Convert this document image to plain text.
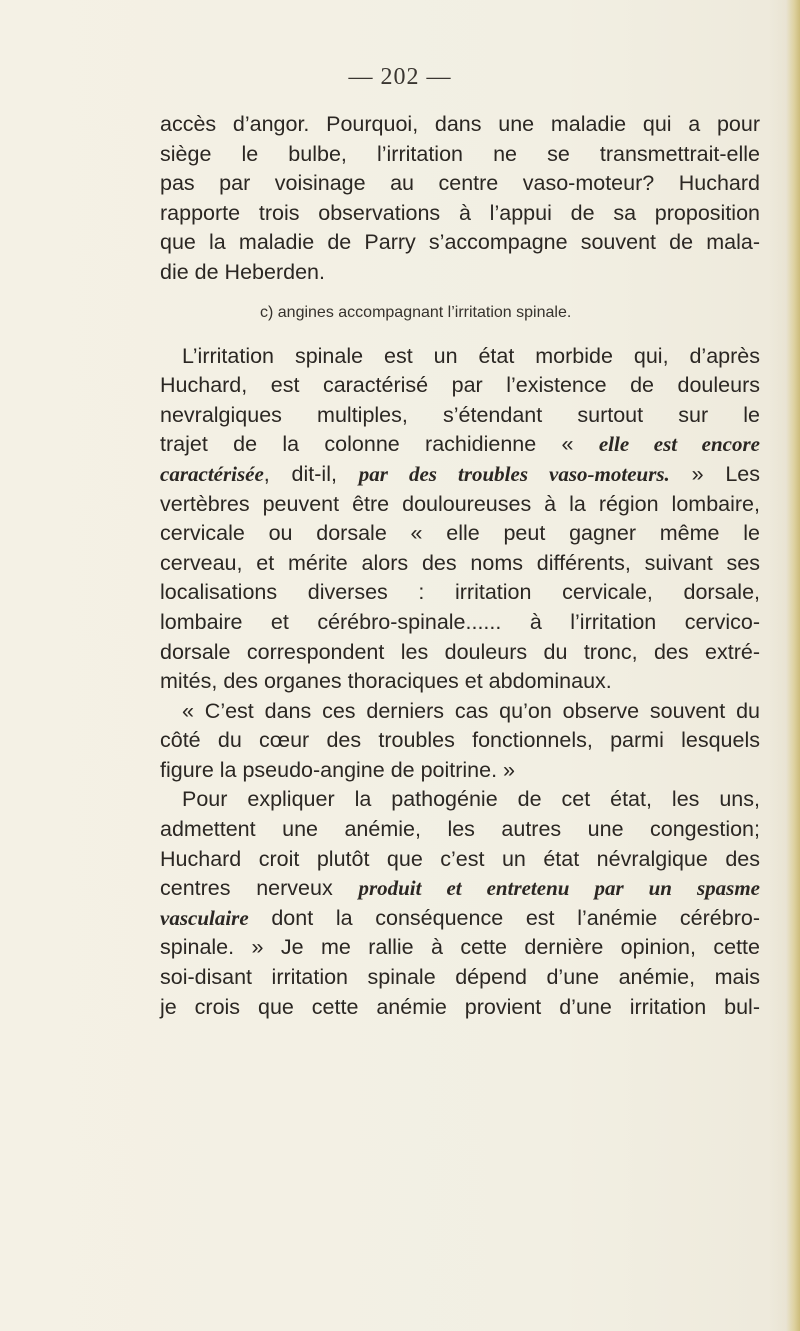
— 202 —
accès d’angor. Pourquoi, dans une maladie qui a pour
siège le bulbe, l’irritation ne se transmettrait-elle
pas par voisinage au centre vaso-moteur? Huchard
rapporte trois observations à l’appui de sa proposition
que la maladie de Parry s’accompagne souvent de mala-
die de Heberden.
c) angines accompagnant l’irritation spinale.
L’irritation spinale est un état morbide qui, d’après
Huchard, est caractérisé par l’existence de douleurs
nevralgiques multiples, s’étendant surtout sur le
trajet de la colonne rachidienne « elle est encore
caractérisée, dit-il, par des troubles vaso-moteurs. » Les
vertèbres peuvent être douloureuses à la région lombaire,
cervicale ou dorsale « elle peut gagner même le
cerveau, et mérite alors des noms différents, suivant ses
localisations diverses : irritation cervicale, dorsale,
lombaire et cérébro-spinale...... à l’irritation cervico-
dorsale correspondent les douleurs du tronc, des extré-
mités, des organes thoraciques et abdominaux.
« C’est dans ces derniers cas qu’on observe souvent du
côté du cœur des troubles fonctionnels, parmi lesquels
figure la pseudo-angine de poitrine. »
Pour expliquer la pathogénie de cet état, les uns,
admettent une anémie, les autres une congestion;
Huchard croit plutôt que c’est un état névralgique des
centres nerveux produit et entretenu par un spasme
vasculaire dont la conséquence est l’anémie cérébro-
spinale. » Je me rallie à cette dernière opinion, cette
soi-disant irritation spinale dépend d’une anémie, mais
je crois que cette anémie provient d’une irritation bul-
